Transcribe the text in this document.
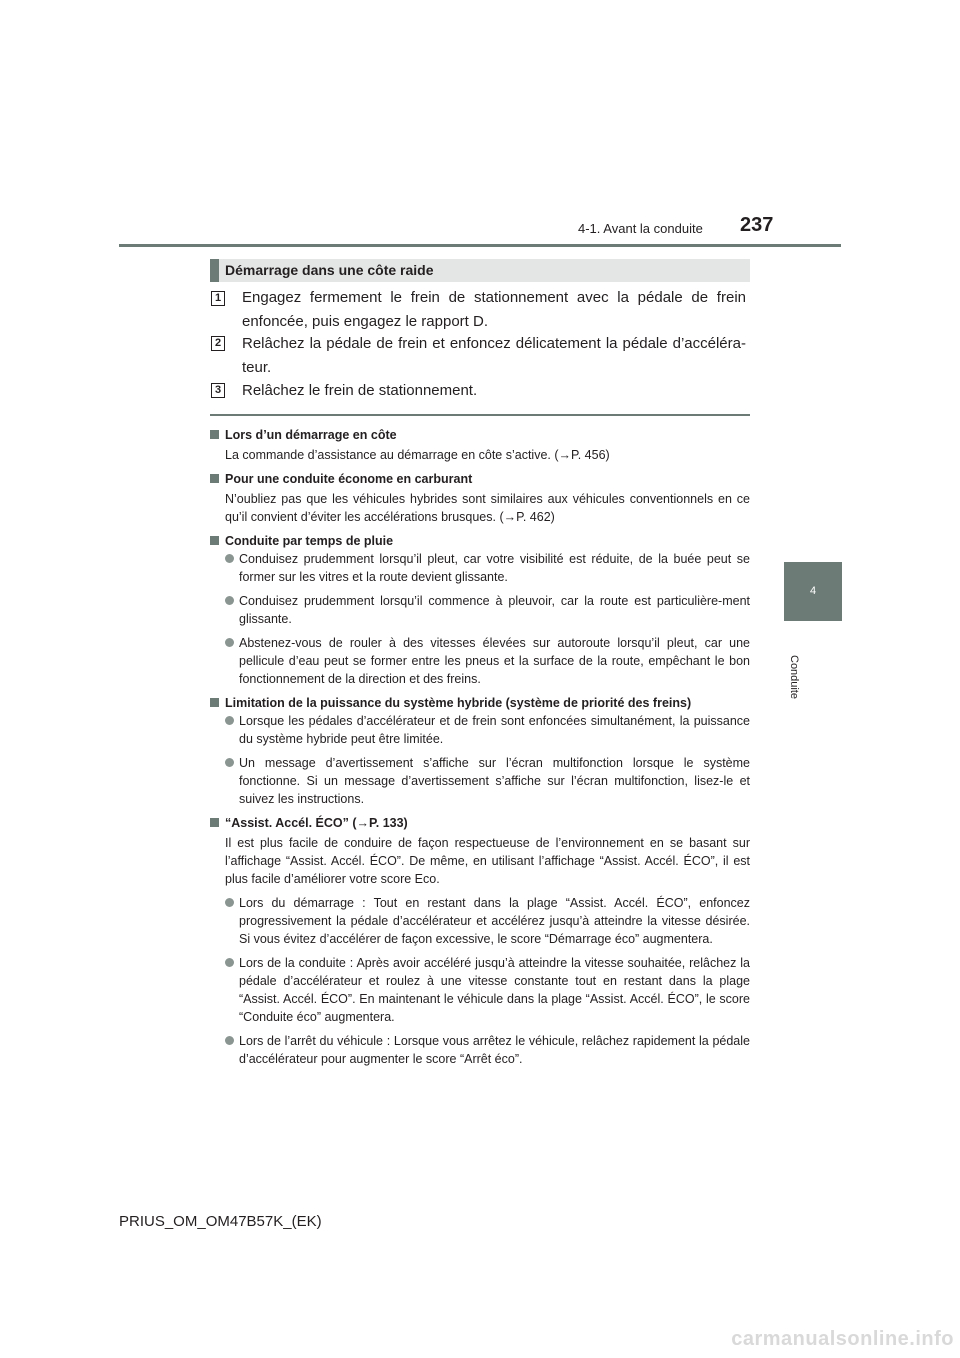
4-1. Avant la conduite 237
4
Conduite
Démarrage dans une côte raide
1 Engagez fermement le frein de stationnement avec la pédale de frein enfoncée, puis engagez le rapport D.

2 Relâchez la pédale de frein et enfoncez délicatement la pédale d’accéléra-teur.

3 Relâchez le frein de stationnement.

Lors d’un démarrage en côte

La commande d’assistance au démarrage en côte s’active. (→P. 456)

Pour une conduite économe en carburant

N’oubliez pas que les véhicules hybrides sont similaires aux véhicules conventionnels en ce qu’il convient d’éviter les accélérations brusques. (→P. 462)

Conduite par temps de pluie

Conduisez prudemment lorsqu’il pleut, car votre visibilité est réduite, de la buée peut se former sur les vitres et la route devient glissante.

Conduisez prudemment lorsqu’il commence à pleuvoir, car la route est particulière-ment glissante.

Abstenez-vous de rouler à des vitesses élevées sur autoroute lorsqu’il pleut, car une pellicule d’eau peut se former entre les pneus et la surface de la route, empêchant le bon fonctionnement de la direction et des freins.

Limitation de la puissance du système hybride (système de priorité des freins)

Lorsque les pédales d’accélérateur et de frein sont enfoncées simultanément, la puissance du système hybride peut être limitée.

Un message d’avertissement s’affiche sur l’écran multifonction lorsque le système fonctionne. Si un message d’avertissement s’affiche sur l’écran multifonction, lisez-le et suivez les instructions.

“Assist. Accél. ÉCO” (→P. 133)

Il est plus facile de conduire de façon respectueuse de l’environnement en se basant sur l’affichage “Assist. Accél. ÉCO”. De même, en utilisant l’affichage “Assist. Accél. ÉCO”, il est plus facile d’améliorer votre score Eco.

Lors du démarrage : Tout en restant dans la plage “Assist. Accél. ÉCO”, enfoncez progressivement la pédale d’accélérateur et accélérez jusqu’à atteindre la vitesse désirée. Si vous évitez d’accélérer de façon excessive, le score “Démarrage éco” augmentera.

Lors de la conduite : Après avoir accéléré jusqu’à atteindre la vitesse souhaitée, relâchez la pédale d’accélérateur et roulez à une vitesse constante tout en restant dans la plage “Assist. Accél. ÉCO”. En maintenant le véhicule dans la plage “Assist. Accél. ÉCO”, le score “Conduite éco” augmentera.

Lors de l’arrêt du véhicule : Lorsque vous arrêtez le véhicule, relâchez rapidement la pédale d’accélérateur pour augmenter le score “Arrêt éco”.

PRIUS_OM_OM47B57K_(EK)
carmanualsonline.info
